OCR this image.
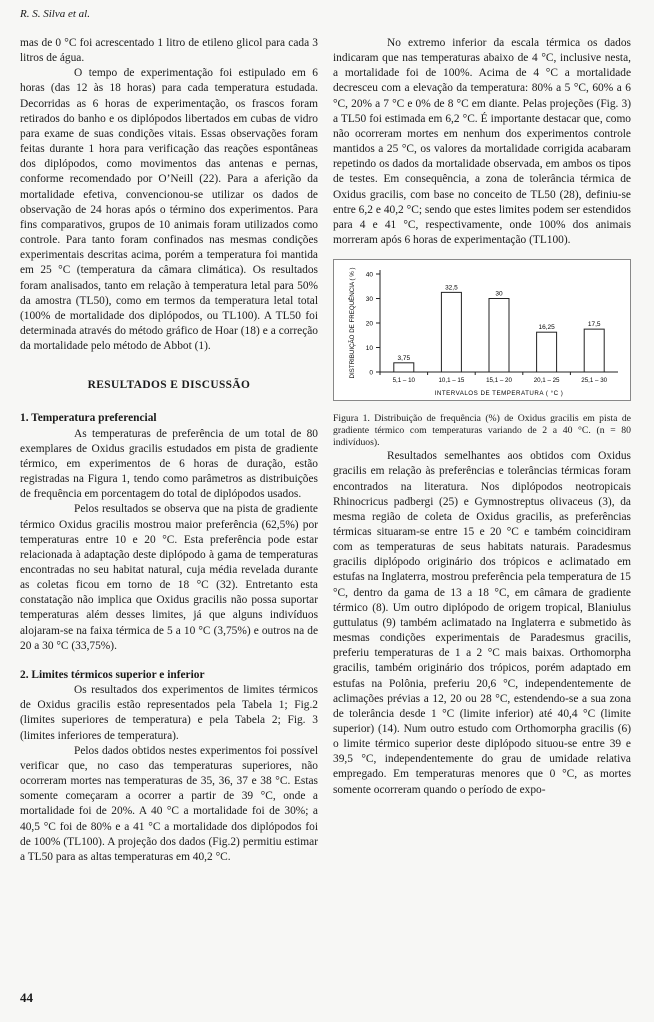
R. S. Silva et al.

mas de 0 °C foi acrescentado 1 litro de etileno glicol para cada 3 litros de água.

O tempo de experimentação foi estipulado em 6 horas (das 12 às 18 horas) para cada temperatura estudada. Decorridas as 6 horas de experimentação, os frascos foram retirados do banho e os diplópodos libertados em cubas de vidro para exame de suas condições vitais. Essas observações foram feitas durante 1 hora para verificação das reações espontâneas dos diplópodos, como movimentos das antenas e pernas, conforme recomendado por O’Neill (22). Para a aferição da mortalidade efetiva, convencionou-se utilizar os dados de observação de 24 horas após o término dos experimentos. Para fins comparativos, grupos de 10 animais foram utilizados como controle. Para tanto foram confinados nas mesmas condições experimentais descritas acima, porém a temperatura foi mantida em 25 °C (temperatura da câmara climática). Os resultados foram analisados, tanto em relação à temperatura letal para 50% da amostra (TL50), como em termos da temperatura letal total (100% de mortalidade dos diplópodos, ou TL100). A TL50 foi determinada através do método gráfico de Hoar (18) e a correção da mortalidade pelo método de Abbot (1).

RESULTADOS E DISCUSSÃO

1. Temperatura preferencial

As temperaturas de preferência de um total de 80 exemplares de Oxidus gracilis estudados em pista de gradiente térmico, em experimentos de 6 horas de duração, estão registradas na Figura 1, tendo como parâmetros as distribuições de frequência em porcentagem do total de diplópodos usados.

Pelos resultados se observa que na pista de gradiente térmico Oxidus gracilis mostrou maior preferência (62,5%) por temperaturas entre 10 e 20 °C. Esta preferência pode estar relacionada à adaptação deste diplópodo à gama de temperaturas encontradas no seu habitat natural, cuja média revelada durante as coletas ficou em torno de 18 °C (32). Entretanto esta constatação não implica que Oxidus gracilis não possa suportar temperaturas além desses limites, já que alguns indivíduos alojaram-se na faixa térmica de 5 a 10 °C (3,75%) e outros na de 20 a 30 °C (33,75%).

2. Limites térmicos superior e inferior

Os resultados dos experimentos de limites térmicos de Oxidus gracilis estão representados pela Tabela 1; Fig.2 (limites superiores de temperatura) e pela Tabela 2; Fig. 3 (limites inferiores de temperatura).

Pelos dados obtidos nestes experimentos foi possível verificar que, no caso das temperaturas superiores, não ocorreram mortes nas temperaturas de 35, 36, 37 e 38 °C. Estas somente começaram a ocorrer a partir de 39 °C, onde a mortalidade foi de 20%. A 40 °C a mortalidade foi de 30%; a 40,5 °C foi de 80% e a 41 °C a mortalidade dos diplópodos foi de 100% (TL100). A projeção dos dados (Fig.2) permitiu estimar a TL50 para as altas temperaturas em 40,2 °C.

No extremo inferior da escala térmica os dados indicaram que nas temperaturas abaixo de 4 °C, inclusive nesta, a mortalidade foi de 100%. Acima de 4 °C a mortalidade decresceu com a elevação da temperatura: 80% a 5 °C, 60% a 6 °C, 20% a 7 °C e 0% de 8 °C em diante. Pelas projeções (Fig. 3) a TL50 foi estimada em 6,2 °C. É importante destacar que, como não ocorreram mortes em nenhum dos experimentos controle mantidos a 25 °C, os valores da mortalidade corrigida acabaram repetindo os dados da mortalidade observada, em ambos os tipos de testes. Em consequência, a zona de tolerância térmica de Oxidus gracilis, com base no conceito de TL50 (28), definiu-se entre 6,2 e 40,2 °C; sendo que estes limites podem ser estendidos para 4 e 41 °C, respectivamente, onde 100% dos animais morreram após 6 horas de experimentação (TL100).

0
10
20
30
40
3,75
5,1 – 10
32,5
10,1 – 15
30
15,1 – 20
16,25
20,1 – 25
17,5
25,1 – 30
INTERVALOS DE TEMPERATURA ( °C )
DISTRIBUIÇÃO DE FREQUÊNCIA ( % )

Figura 1. Distribuição de frequência (%) de Oxidus gracilis em pista de gradiente térmico com temperaturas variando de 2 a 40 °C. (n = 80 indivíduos).

Resultados semelhantes aos obtidos com Oxidus gracilis em relação às preferências e tolerâncias térmicas foram encontrados na literatura. Nos diplópodos neotropicais Rhinocricus padbergi (25) e Gymnostreptus olivaceus (3), da mesma região de coleta de Oxidus gracilis, as preferências térmicas situaram-se entre 15 e 20 °C e também coincidiram com as temperaturas de seus habitats naturais. Paradesmus gracilis diplópodo originário dos trópicos e aclimatado em estufas na Inglaterra, mostrou preferência pela temperatura de 15 °C, dentro da gama de 13 a 18 °C, em câmara de gradiente térmico (8). Um outro diplópodo de origem tropical, Blaniulus guttulatus (9) também aclimatado na Inglaterra e submetido às mesmas condições experimentais de Paradesmus gracilis, preferiu temperaturas de 1 a 2 °C mais baixas. Orthomorpha gracilis, também originário dos trópicos, porém adaptado em estufas na Polônia, preferiu 20,6 °C, independentemente de aclimações prévias a 12, 20 ou 28 °C, estendendo-se a sua zona de tolerância desde 1 °C (limite inferior) até 40,4 °C (limite superior) (14). Num outro estudo com Orthomorpha gracilis (6) o limite térmico superior deste diplópodo situou-se entre 39 e 39,5 °C, independentemente do grau de umidade relativa empregado. Em temperaturas menores que 0 °C, as mortes somente ocorreram quando o período de expo-

44
